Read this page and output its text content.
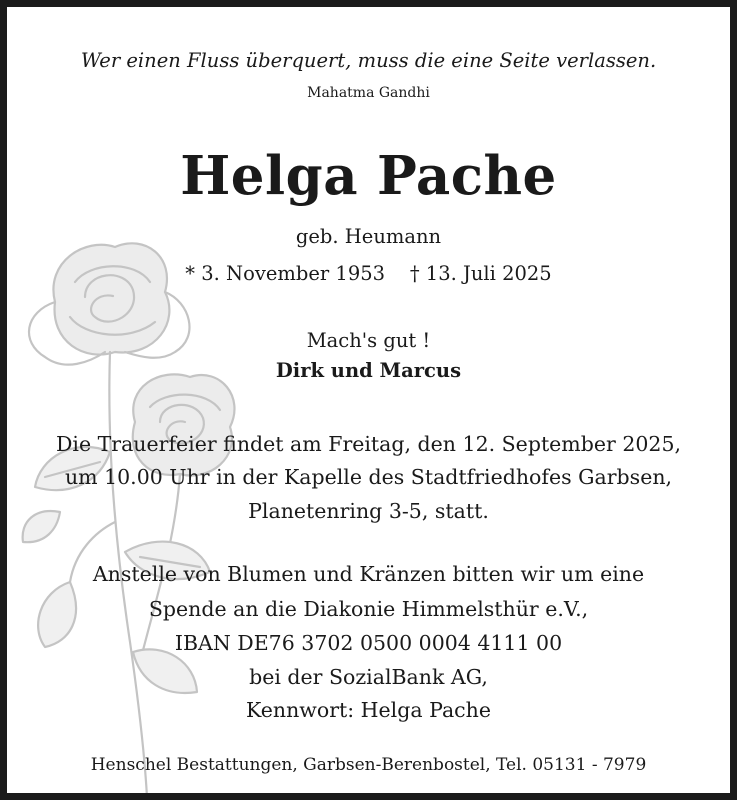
Wer einen Fluss überquert, muss die eine Seite verlassen.
Mahatma Gandhi
Helga Pache
geb. Heumann
* 3. November 1953 † 13. Juli 2025
Mach's gut !
Dirk und Marcus
Die Trauerfeier findet am Freitag, den 12. September 2025,
um 10.00 Uhr in der Kapelle des Stadtfriedhofes Garbsen,
Planetenring 3-5, statt.
Anstelle von Blumen und Kränzen bitten wir um eine
Spende an die Diakonie Himmelsthür e.V.,
IBAN DE76 3702 0500 0004 4111 00
bei der SozialBank AG,
Kennwort: Helga Pache
Henschel Bestattungen, Garbsen-Berenbostel, Tel. 05131 - 7979
